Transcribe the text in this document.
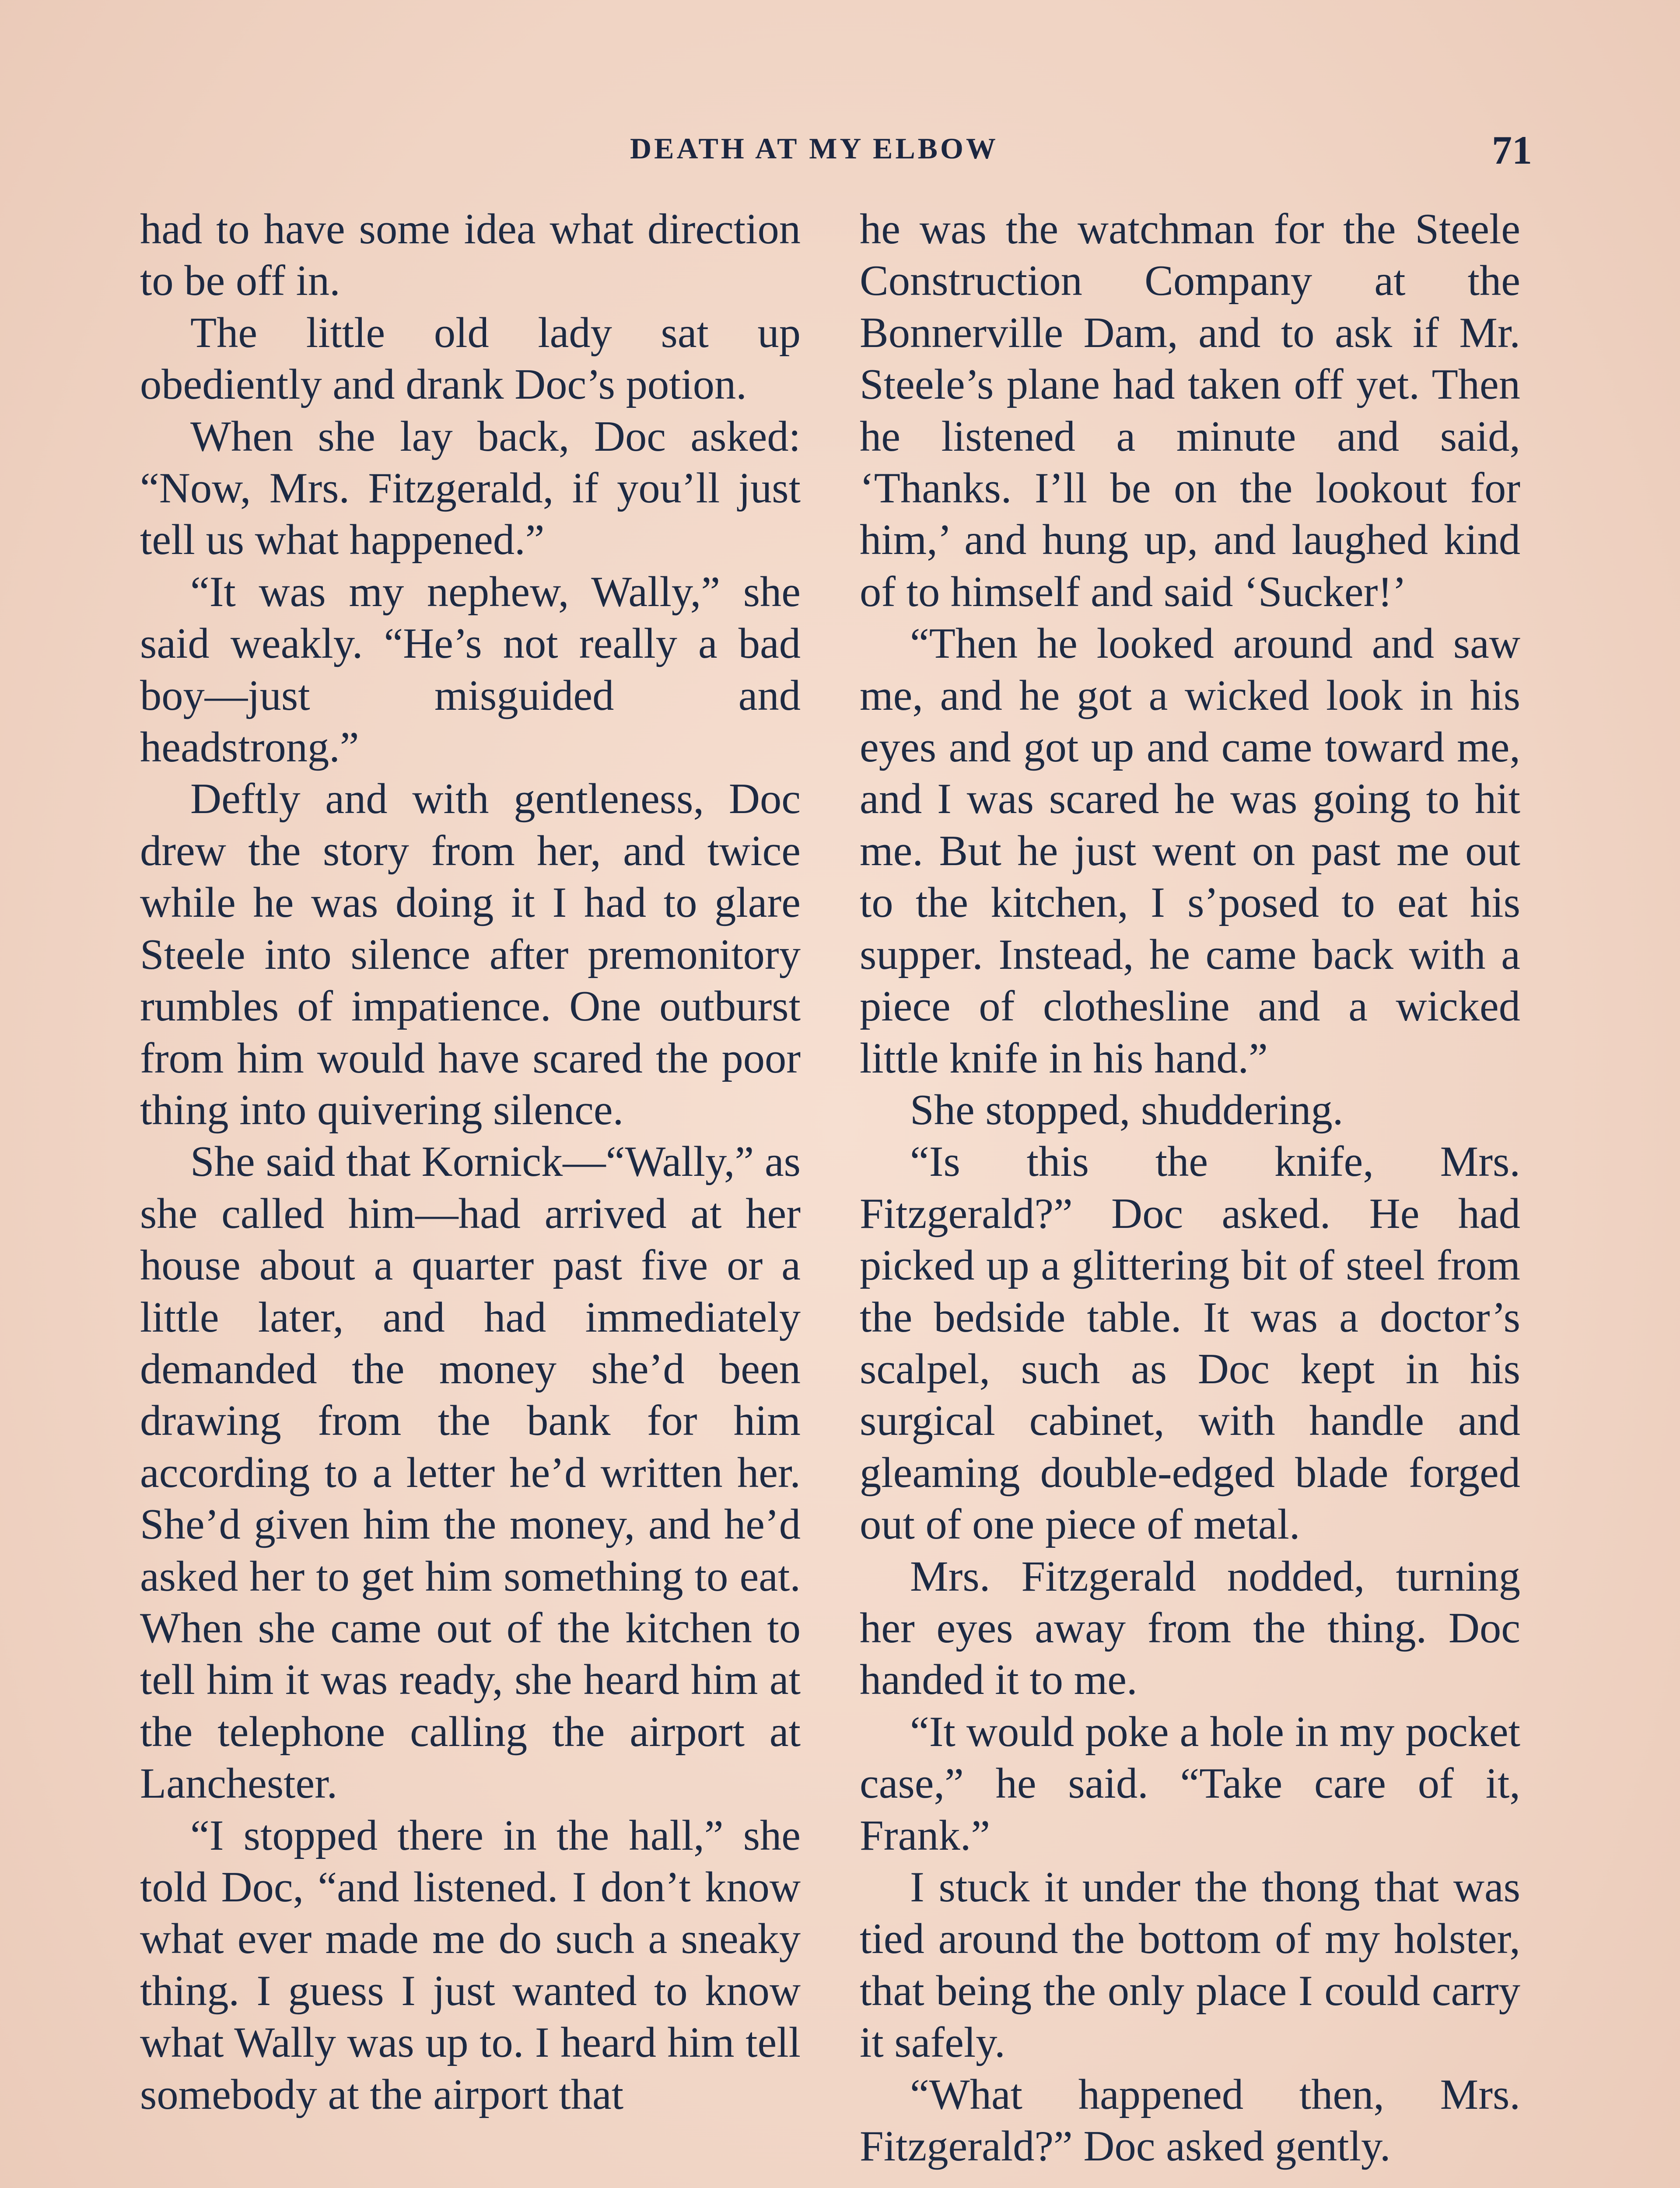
DEATH AT MY ELBOW	71

had to have some idea what direction to be off in.

The little old lady sat up obediently and drank Doc’s potion.

When she lay back, Doc asked: “Now, Mrs. Fitzgerald, if you’ll just tell us what happened.”

“It was my nephew, Wally,” she said weakly. “He’s not really a bad boy—just misguided and headstrong.”

Deftly and with gentleness, Doc drew the story from her, and twice while he was doing it I had to glare Steele into silence after premonitory rumbles of impatience. One outburst from him would have scared the poor thing into quivering silence.

She said that Kornick—“Wally,” as she called him—had arrived at her house about a quarter past five or a little later, and had immediately demanded the money she’d been drawing from the bank for him according to a letter he’d written her. She’d given him the money, and he’d asked her to get him something to eat. When she came out of the kitchen to tell him it was ready, she heard him at the telephone calling the airport at Lanchester.

“I stopped there in the hall,” she told Doc, “and listened. I don’t know what ever made me do such a sneaky thing. I guess I just wanted to know what Wally was up to. I heard him tell somebody at the airport that

he was the watchman for the Steele Construction Company at the Bonnerville Dam, and to ask if Mr. Steele’s plane had taken off yet. Then he listened a minute and said, ‘Thanks. I’ll be on the lookout for him,’ and hung up, and laughed kind of to himself and said ‘Sucker!’

“Then he looked around and saw me, and he got a wicked look in his eyes and got up and came toward me, and I was scared he was going to hit me. But he just went on past me out to the kitchen, I s’posed to eat his supper. Instead, he came back with a piece of clothesline and a wicked little knife in his hand.”

She stopped, shuddering.

“Is this the knife, Mrs. Fitzgerald?” Doc asked. He had picked up a glittering bit of steel from the bedside table. It was a doctor’s scalpel, such as Doc kept in his surgical cabinet, with handle and gleaming double-edged blade forged out of one piece of metal.

Mrs. Fitzgerald nodded, turning her eyes away from the thing. Doc handed it to me.

“It would poke a hole in my pocket case,” he said. “Take care of it, Frank.”

I stuck it under the thong that was tied around the bottom of my holster, that being the only place I could carry it safely.

“What happened then, Mrs. Fitzgerald?” Doc asked gently.
